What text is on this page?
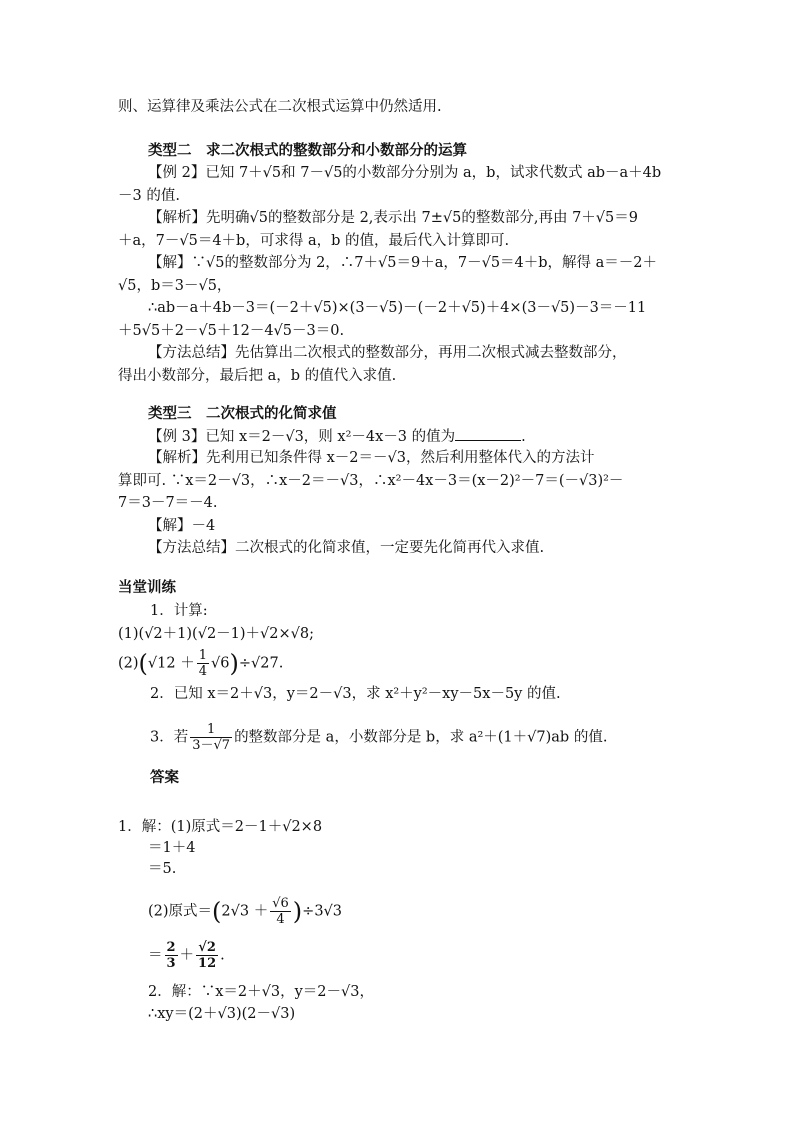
则、运算律及乘法公式在二次根式运算中仍然适用.
类型二　求二次根式的整数部分和小数部分的运算
【例 2】已知 7＋√5和 7－√5的小数部分分别为 a，b，试求代数式 ab－a＋4b
－3 的值.
【解析】先明确√5的整数部分是 2,表示出 7±√5的整数部分,再由 7＋√5＝9
＋a，7－√5＝4＋b，可求得 a，b 的值，最后代入计算即可.
【解】∵√5的整数部分为 2，∴7＋√5＝9＋a，7－√5＝4＋b，解得 a＝－2＋
√5，b＝3－√5，
∴ab－a＋4b－3＝(－2＋√5)×(3－√5)－(－2＋√5)＋4×(3－√5)－3＝－11
＋5√5＋2－√5＋12－4√5－3＝0.
【方法总结】先估算出二次根式的整数部分，再用二次根式减去整数部分，
得出小数部分，最后把 a，b 的值代入求值.
类型三　二次根式的化简求值
【例 3】已知 x＝2－√3，则 x²－4x－3 的值为	.
【解析】先利用已知条件得 x－2＝－√3，然后利用整体代入的方法计
算即可. ∵x＝2－√3，∴x－2＝－√3，∴x²－4x－3＝(x－2)²－7＝(－√3)²－
7＝3－7＝－4.
【解】－4
【方法总结】二次根式的化简求值，一定要先化简再代入求值.
当堂训练
1．计算:
(1)(√2＋1)(√2－1)＋√2×√8;
$(2)(√12 + \frac{1}{4} √6)\div√27$.
2．已知 x＝2＋√3，y＝2－√3，求 x²＋y²－xy－5x－5y 的值.
3．若 $\frac{1}{3-√7}$ 的整数部分是 a，小数部分是 b，求 a²＋(1＋√7)ab 的值.
答案
1．解：(1)原式＝2－1＋√2×8
＝1＋4
＝5.
(2)原式$=(2√3 + \frac{√6}{4} )\div 3√3$
＝ $\frac{2}{3} + \frac{√2}{12}$ .
2．解：∵x＝2＋√3，y＝2－√3，
∴xy＝(2＋√3)(2－√3)
